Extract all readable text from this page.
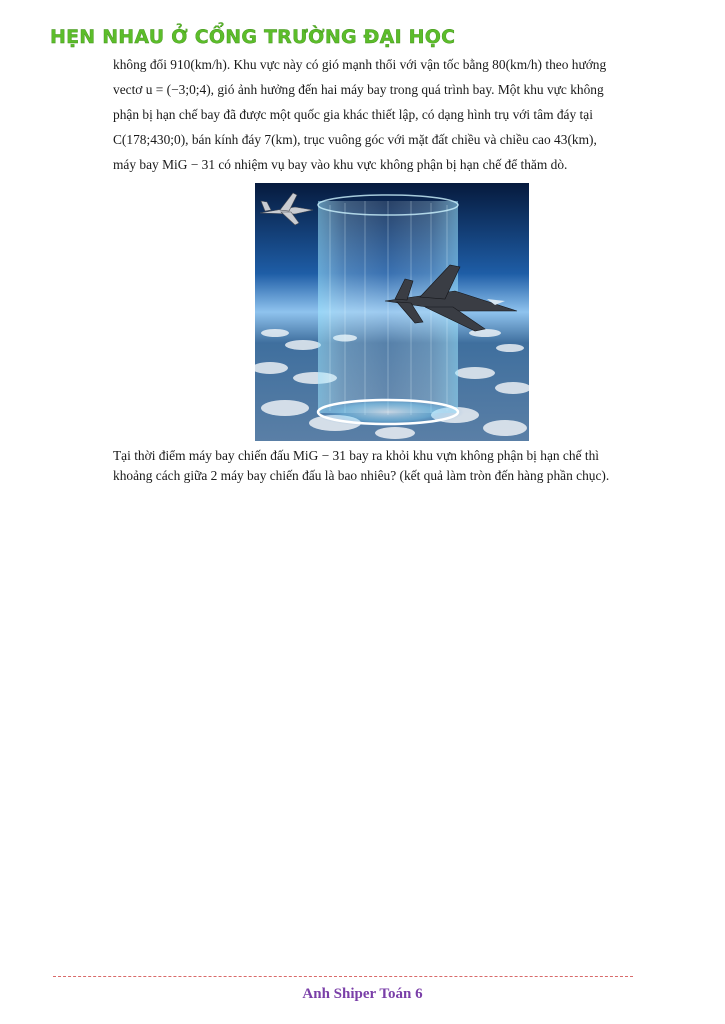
HẸN NHAU Ở CỔNG TRƯỜNG ĐẠI HỌC

không đổi 910(km/h). Khu vực này có gió mạnh thổi với vận tốc bằng 80(km/h) theo hướng

vectơ u = (−3;0;4), gió ảnh hưởng đến hai máy bay trong quá trình bay. Một khu vực không

phận bị hạn chế bay đã được một quốc gia khác thiết lập, có dạng hình trụ với tâm đáy tại

C(178;430;0), bán kính đáy 7(km), trục vuông góc với mặt đất chiều và chiều cao 43(km),

máy bay MiG − 31 có nhiệm vụ bay vào khu vực không phận bị hạn chế để thăm dò.

Tại thời điểm máy bay chiến đấu MiG − 31 bay ra khỏi khu vựn không phận bị hạn chế thì

khoảng cách giữa 2 máy bay chiến đấu là bao nhiêu? (kết quả làm tròn đến hàng phần chục).

Anh Shiper Toán 6
